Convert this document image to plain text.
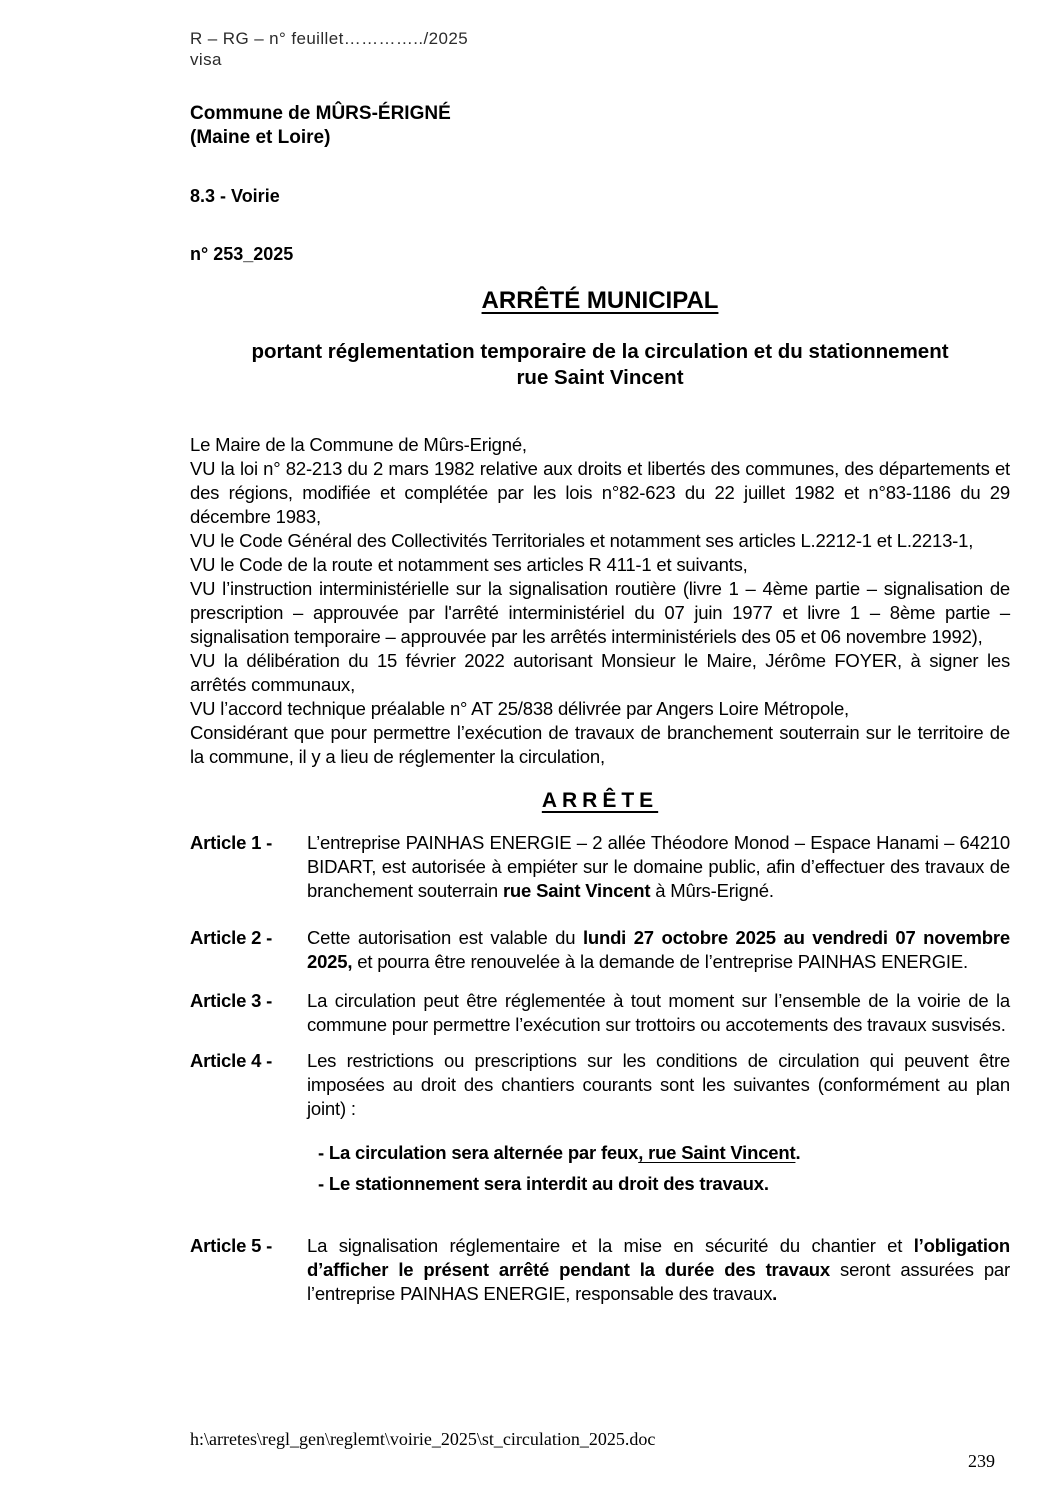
R – RG – n° feuillet…………../2025
visa
Commune de MÛRS-ÉRIGNÉ
(Maine et Loire)
8.3 - Voirie
n° 253_2025
ARRÊTÉ MUNICIPAL
portant réglementation temporaire de la circulation et du stationnement
rue Saint Vincent

Le Maire de la Commune de Mûrs-Erigné,

VU la loi n° 82-213 du 2 mars 1982 relative aux droits et libertés des communes, des départements et des régions, modifiée et complétée par les lois n°82-623 du 22 juillet 1982 et n°83-1186 du 29 décembre 1983,

VU le Code Général des Collectivités Territoriales et notamment ses articles L.2212-1 et L.2213-1,

VU le Code de la route et notamment ses articles R 411-1 et suivants,

VU l’instruction interministérielle sur la signalisation routière (livre 1 – 4ème partie – signalisation de prescription – approuvée par l'arrêté interministériel du 07 juin 1977 et livre 1 – 8ème partie – signalisation temporaire – approuvée par les arrêtés interministériels des 05 et 06 novembre 1992),

VU la délibération du 15 février 2022 autorisant Monsieur le Maire, Jérôme FOYER, à signer les arrêtés communaux,

VU l’accord technique préalable n° AT 25/838 délivrée par Angers Loire Métropole,

Considérant que pour permettre l’exécution de travaux de branchement souterrain sur le territoire de la commune, il y a lieu de réglementer la circulation,

ARRÊTE
Article 1 -	L’entreprise PAINHAS ENERGIE – 2 allée Théodore Monod – Espace Hanami – 64210 BIDART, est autorisée à empiéter sur le domaine public, afin d’effectuer des travaux de branchement souterrain rue Saint Vincent à Mûrs-Erigné.
Article 2 -	Cette autorisation est valable du lundi 27 octobre 2025 au vendredi 07 novembre 2025, et pourra être renouvelée à la demande de l’entreprise PAINHAS ENERGIE.
Article 3 -	La circulation peut être réglementée à tout moment sur l’ensemble de la voirie de la commune pour permettre l’exécution sur trottoirs ou accotements des travaux susvisés.
Article 4 -	Les restrictions ou prescriptions sur les conditions de circulation qui peuvent être imposées au droit des chantiers courants sont les suivantes (conformément au plan joint) :

- La circulation sera alternée par feux, rue Saint Vincent.

- Le stationnement sera interdit au droit des travaux.

Article 5 -	La signalisation réglementaire et la mise en sécurité du chantier et l’obligation d’afficher le présent arrêté pendant la durée des travaux seront assurées par l’entreprise PAINHAS ENERGIE, responsable des travaux.
h:\arretes\regl_gen\reglemt\voirie_2025\st_circulation_2025.doc
239
